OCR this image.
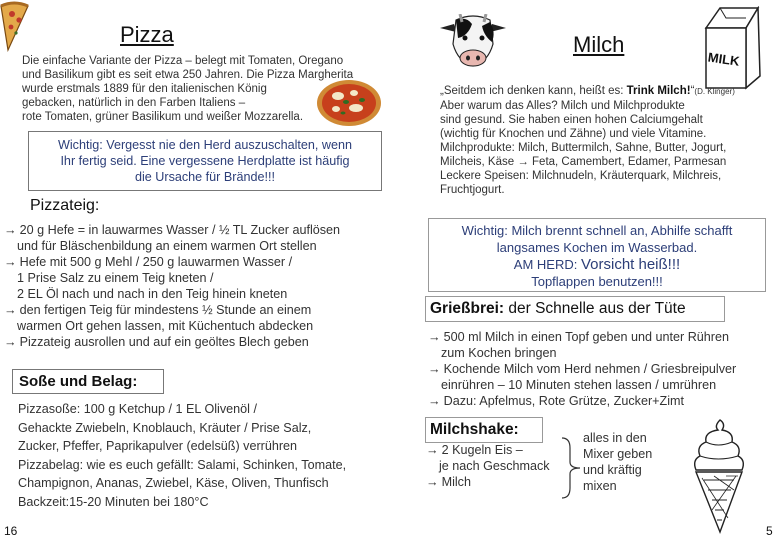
Pizza
Die einfache Variante der Pizza – belegt mit Tomaten, Oregano
und Basilikum gibt es seit etwa 250 Jahren. Die Pizza Margherita
wurde erstmals 1889 für den italienischen König
gebacken, natürlich in den Farben Italiens –
rote Tomaten, grüner Basilikum und weißer Mozzarella.
Wichtig: Vergesst nie den Herd auszuschalten, wenn
Ihr fertig seid. Eine vergessene Herdplatte ist häufig
die Ursache für Brände!!!
Pizzateig:
→ 20 g Hefe = in lauwarmes Wasser / ½ TL Zucker auflösen
und für Bläschenbildung an einem warmen Ort stellen
→ Hefe mit 500 g Mehl / 250 g lauwarmen Wasser /
1 Prise Salz zu einem Teig kneten /
2 EL Öl nach und nach in den Teig hinein kneten
→ den fertigen Teig für mindestens ½ Stunde an einem
warmen Ort gehen lassen, mit Küchentuch abdecken
→ Pizzateig ausrollen und auf ein geöltes Blech geben
Soße und Belag:
Pizzasoße: 100 g Ketchup / 1 EL Olivenöl /
Gehackte Zwiebeln, Knoblauch, Kräuter / Prise Salz,
Zucker, Pfeffer, Paprikapulver (edelsüß) verrühren
Pizzabelag: wie es euch gefällt: Salami, Schinken, Tomate,
Champignon, Ananas, Zwiebel, Käse, Oliven, Thunfisch
Backzeit:15-20 Minuten bei 180°C
16
Milch
MILK
„Seitdem ich denken kann, heißt es: Trink Milch!“(D. Klinger)
Aber warum das Alles? Milch und Milchprodukte
sind gesund. Sie haben einen hohen Calciumgehalt
(wichtig für Knochen und Zähne) und viele Vitamine.
Milchprodukte: Milch, Buttermilch, Sahne, Butter, Jogurt,
Milcheis, Käse → Feta, Camembert, Edamer, Parmesan
Leckere Speisen: Milchnudeln, Kräuterquark, Milchreis,
Fruchtjogurt.
Wichtig: Milch brennt schnell an, Abhilfe schafft
langsames Kochen im Wasserbad.
AM HERD: Vorsicht heiß!!!
Topflappen benutzen!!!
Grießbrei: der Schnelle aus der Tüte
→ 500 ml Milch in einen Topf geben und unter Rühren
zum Kochen bringen
→ Kochende Milch vom Herd nehmen / Griesbreipulver
einrühren – 10 Minuten stehen lassen / umrühren
→ Dazu: Apfelmus, Rote Grütze, Zucker+Zimt
Milchshake:
→ 2 Kugeln Eis –
je nach Geschmack
→ Milch
alles in den
Mixer geben
und kräftig
mixen
5
